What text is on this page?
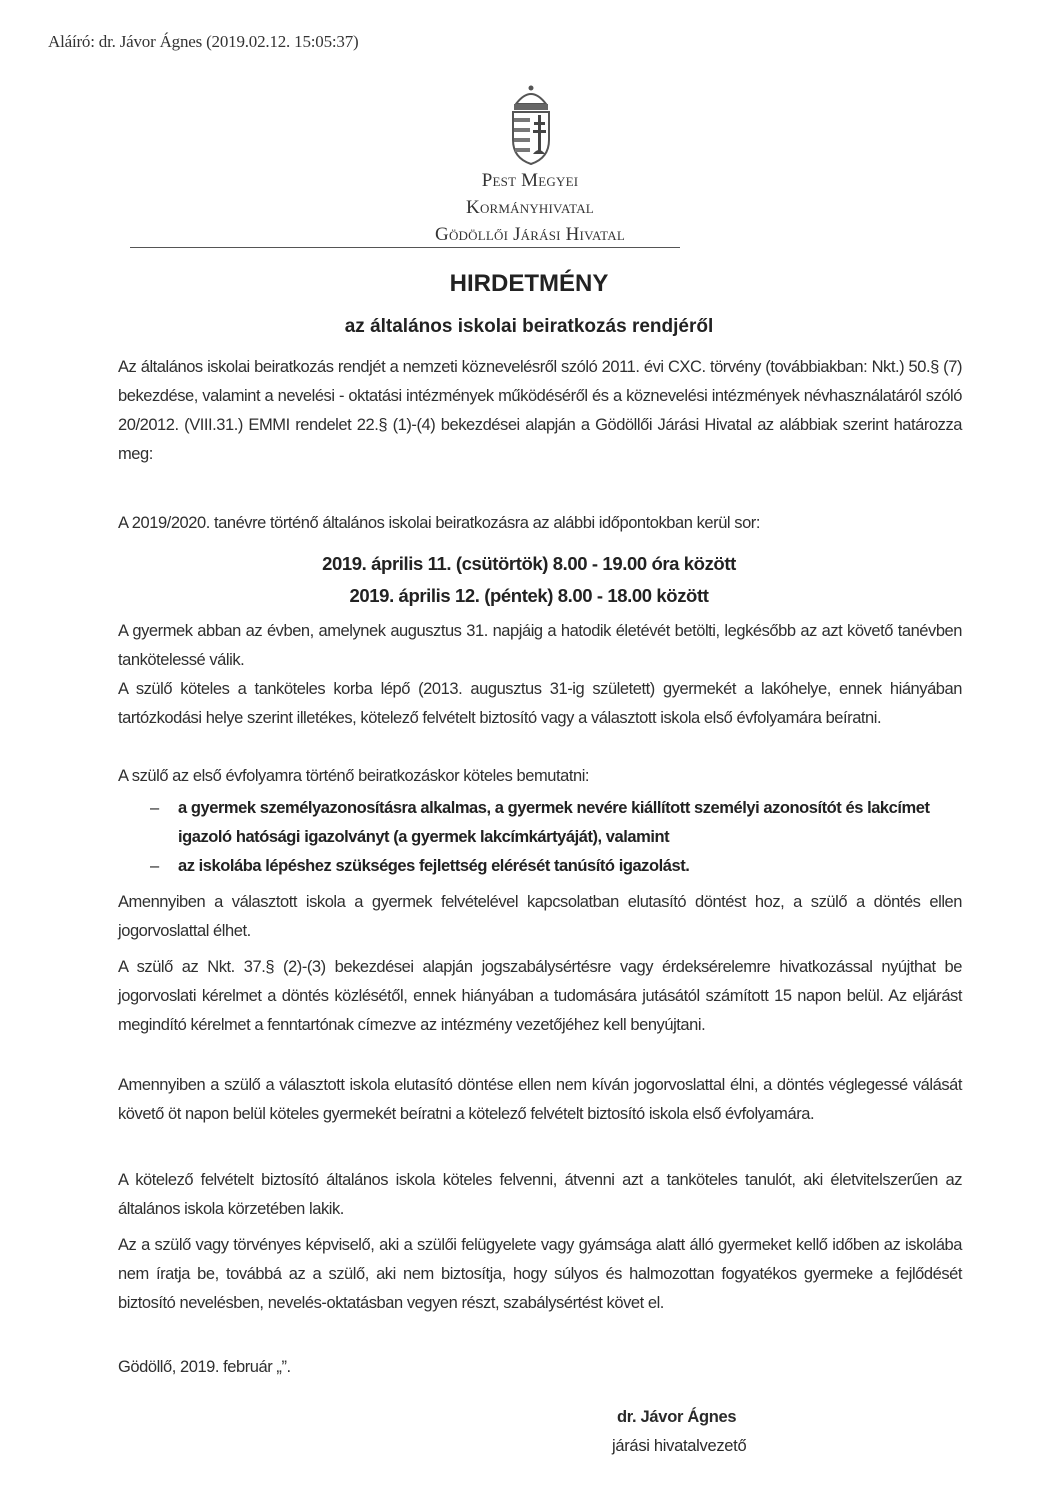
Aláíró: dr. Jávor Ágnes (2019.02.12. 15:05:37)
Pest Megyei
Kormányhivatal
Gödöllői Járási Hivatal
HIRDETMÉNY
az általános iskolai beiratkozás rendjéről
Az általános iskolai beiratkozás rendjét a nemzeti köznevelésről szóló 2011. évi CXC. törvény (továbbiakban: Nkt.) 50.§ (7) bekezdése, valamint a nevelési - oktatási intézmények működéséről és a köznevelési intézmények névhasználatáról szóló 20/2012. (VIII.31.) EMMI rendelet 22.§ (1)-(4) bekezdései alapján a Gödöllői Járási Hivatal az alábbiak szerint határozza meg:
A 2019/2020. tanévre történő általános iskolai beiratkozásra az alábbi időpontokban kerül sor:
2019. április 11. (csütörtök) 8.00 - 19.00 óra között
2019. április 12. (péntek) 8.00 - 18.00 között
A gyermek abban az évben, amelynek augusztus 31. napjáig a hatodik életévét betölti, legkésőbb az azt követő tanévben tankötelessé válik.
A szülő köteles a tanköteles korba lépő (2013. augusztus 31-ig született) gyermekét a lakóhelye, ennek hiányában tartózkodási helye szerint illetékes, kötelező felvételt biztosító vagy a választott iskola első évfolyamára beíratni.
A szülő az első évfolyamra történő beiratkozáskor köteles bemutatni:
– a gyermek személyazonosításra alkalmas, a gyermek nevére kiállított személyi azonosítót és lakcímet igazoló hatósági igazolványt (a gyermek lakcímkártyáját), valamint
– az iskolába lépéshez szükséges fejlettség elérését tanúsító igazolást.
Amennyiben a választott iskola a gyermek felvételével kapcsolatban elutasító döntést hoz, a szülő a döntés ellen jogorvoslattal élhet.
A szülő az Nkt. 37.§ (2)-(3) bekezdései alapján jogszabálysértésre vagy érdeksérelemre hivatkozással nyújthat be jogorvoslati kérelmet a döntés közlésétől, ennek hiányában a tudomására jutásától számított 15 napon belül. Az eljárást megindító kérelmet a fenntartónak címezve az intézmény vezetőjéhez kell benyújtani.
Amennyiben a szülő a választott iskola elutasító döntése ellen nem kíván jogorvoslattal élni, a döntés véglegessé válását követő öt napon belül köteles gyermekét beíratni a kötelező felvételt biztosító iskola első évfolyamára.
A kötelező felvételt biztosító általános iskola köteles felvenni, átvenni azt a tanköteles tanulót, aki életvitelszerűen az általános iskola körzetében lakik.
Az a szülő vagy törvényes képviselő, aki a szülői felügyelete vagy gyámsága alatt álló gyermeket kellő időben az iskolába nem íratja be, továbbá az a szülő, aki nem biztosítja, hogy súlyos és halmozottan fogyatékos gyermeke a fejlődését biztosító nevelésben, nevelés-oktatásban vegyen részt, szabálysértést követ el.
Gödöllő, 2019. február „”.
dr. Jávor Ágnes
járási hivatalvezető
